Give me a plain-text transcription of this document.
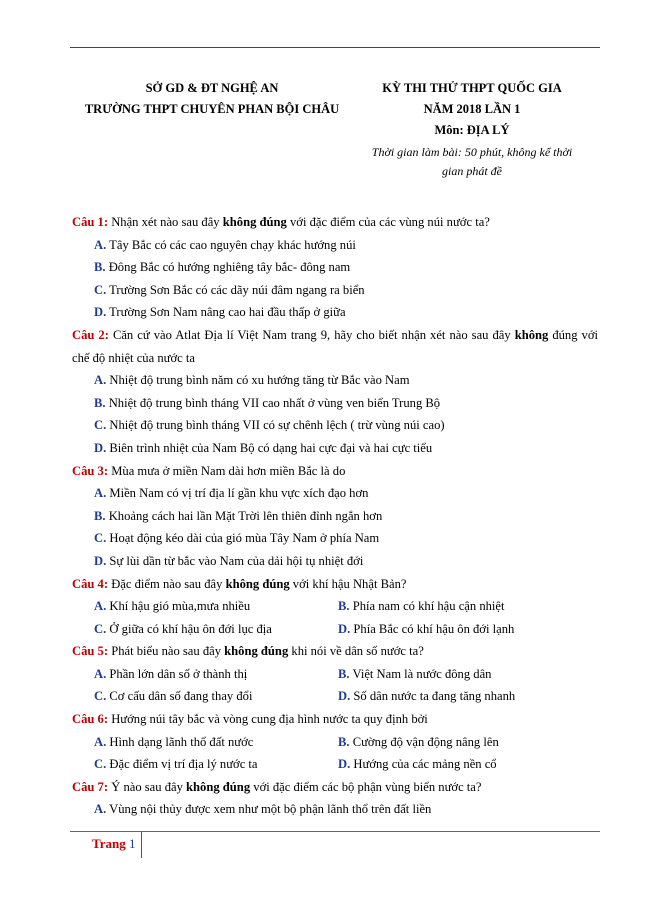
SỞ GD & ĐT NGHỆ AN
TRƯỜNG THPT CHUYÊN PHAN BỘI CHÂU
KỲ THI THỬ THPT QUỐC GIA
NĂM 2018 LẦN 1
Môn: ĐỊA LÝ
Thời gian làm bài: 50 phút, không kể thời
gian phát đề
Câu 1: Nhận xét nào sau đây không đúng với đặc điểm của các vùng núi nước ta?
A. Tây Bắc có các cao nguyên chạy khác hướng núi
B. Đông Bắc có hướng nghiêng tây bắc- đông nam
C. Trường Sơn Bắc có các dãy núi đâm ngang ra biển
D. Trường Sơn Nam nâng cao hai đầu thấp ở giữa
Câu 2: Căn cứ vào Atlat Địa lí Việt Nam trang 9, hãy cho biết nhận xét nào sau đây không đúng với chế độ nhiệt của nước ta
A. Nhiệt độ trung bình năm có xu hướng tăng từ Bắc vào Nam
B. Nhiệt độ trung bình tháng VII cao nhất ở vùng ven biển Trung Bộ
C. Nhiệt độ trung bình tháng VII có sự chênh lệch ( trừ vùng núi cao)
D. Biên trình nhiệt của Nam Bộ có dạng hai cực đại và hai cực tiểu
Câu 3: Mùa mưa ở miền Nam dài hơn miền Bắc là do
A. Miền Nam có vị trí địa lí gần khu vực xích đạo hơn
B. Khoảng cách hai lần Mặt Trời lên thiên đỉnh ngắn hơn
C. Hoạt động kéo dài của gió mùa Tây Nam ở phía Nam
D. Sự lùi dần từ bắc vào Nam của dải hội tụ nhiệt đới
Câu 4: Đặc điểm nào sau đây không đúng với khí hậu Nhật Bản?
A. Khí hậu gió mùa,mưa nhiều	B. Phía nam có khí hậu cận nhiệt
C. Ở giữa có khí hậu ôn đới lục địa	D. Phía Bắc có khí hậu ôn đới lạnh
Câu 5: Phát biểu nào sau đây không đúng khi nói về dân số nước ta?
A. Phần lớn dân số ở thành thị	B. Việt Nam là nước đông dân
C. Cơ cấu dân số đang thay đổi	D. Số dân nước ta đang tăng nhanh
Câu 6: Hướng núi tây bắc và vòng cung địa hình nước ta quy định bởi
A. Hình dạng lãnh thổ đất nước	B. Cường độ vận động nâng lên
C. Đặc điểm vị trí địa lý nước ta	D. Hướng của các mảng nền cổ
Câu 7: Ý nào sau đây không đúng với đặc điểm các bộ phận vùng biển nước ta?
A. Vùng nội thủy được xem như một bộ phận lãnh thổ trên đất liền
Trang 1
